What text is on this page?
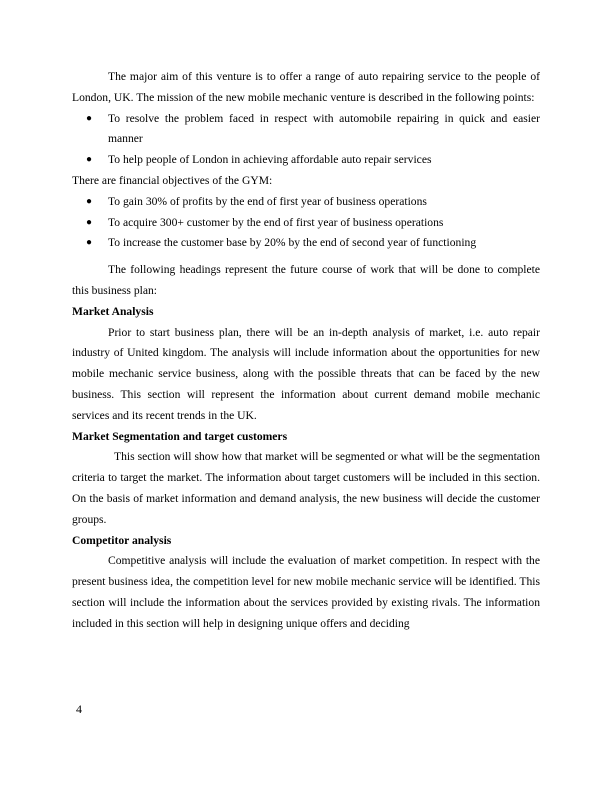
The major aim of this venture is to offer a range of auto repairing service to the people of London, UK. The mission of the new mobile mechanic venture is described in the following points:

● To resolve the problem faced in respect with automobile repairing in quick and easier manner
● To help people of London in achieving affordable auto repair services

There are financial objectives of the GYM:

● To gain 30% of profits by the end of first year of business operations
● To acquire 300+ customer by the end of first year of business operations
● To increase the customer base by 20% by the end of second year of functioning

The following headings represent the future course of work that will be done to complete this business plan:

Market Analysis

Prior to start business plan, there will be an in-depth analysis of market, i.e. auto repair industry of United kingdom. The analysis will include information about the opportunities for new mobile mechanic service business, along with the possible threats that can be faced by the new business. This section will represent the information about current demand mobile mechanic services and its recent trends in the UK.

Market Segmentation and target customers

This section will show how that market will be segmented or what will be the segmentation criteria to target the market. The information about target customers will be included in this section. On the basis of market information and demand analysis, the new business will decide the customer groups.

Competitor analysis

Competitive analysis will include the evaluation of market competition. In respect with the present business idea, the competition level for new mobile mechanic service will be identified. This section will include the information about the services provided by existing rivals. The information included in this section will help in designing unique offers and deciding

4
